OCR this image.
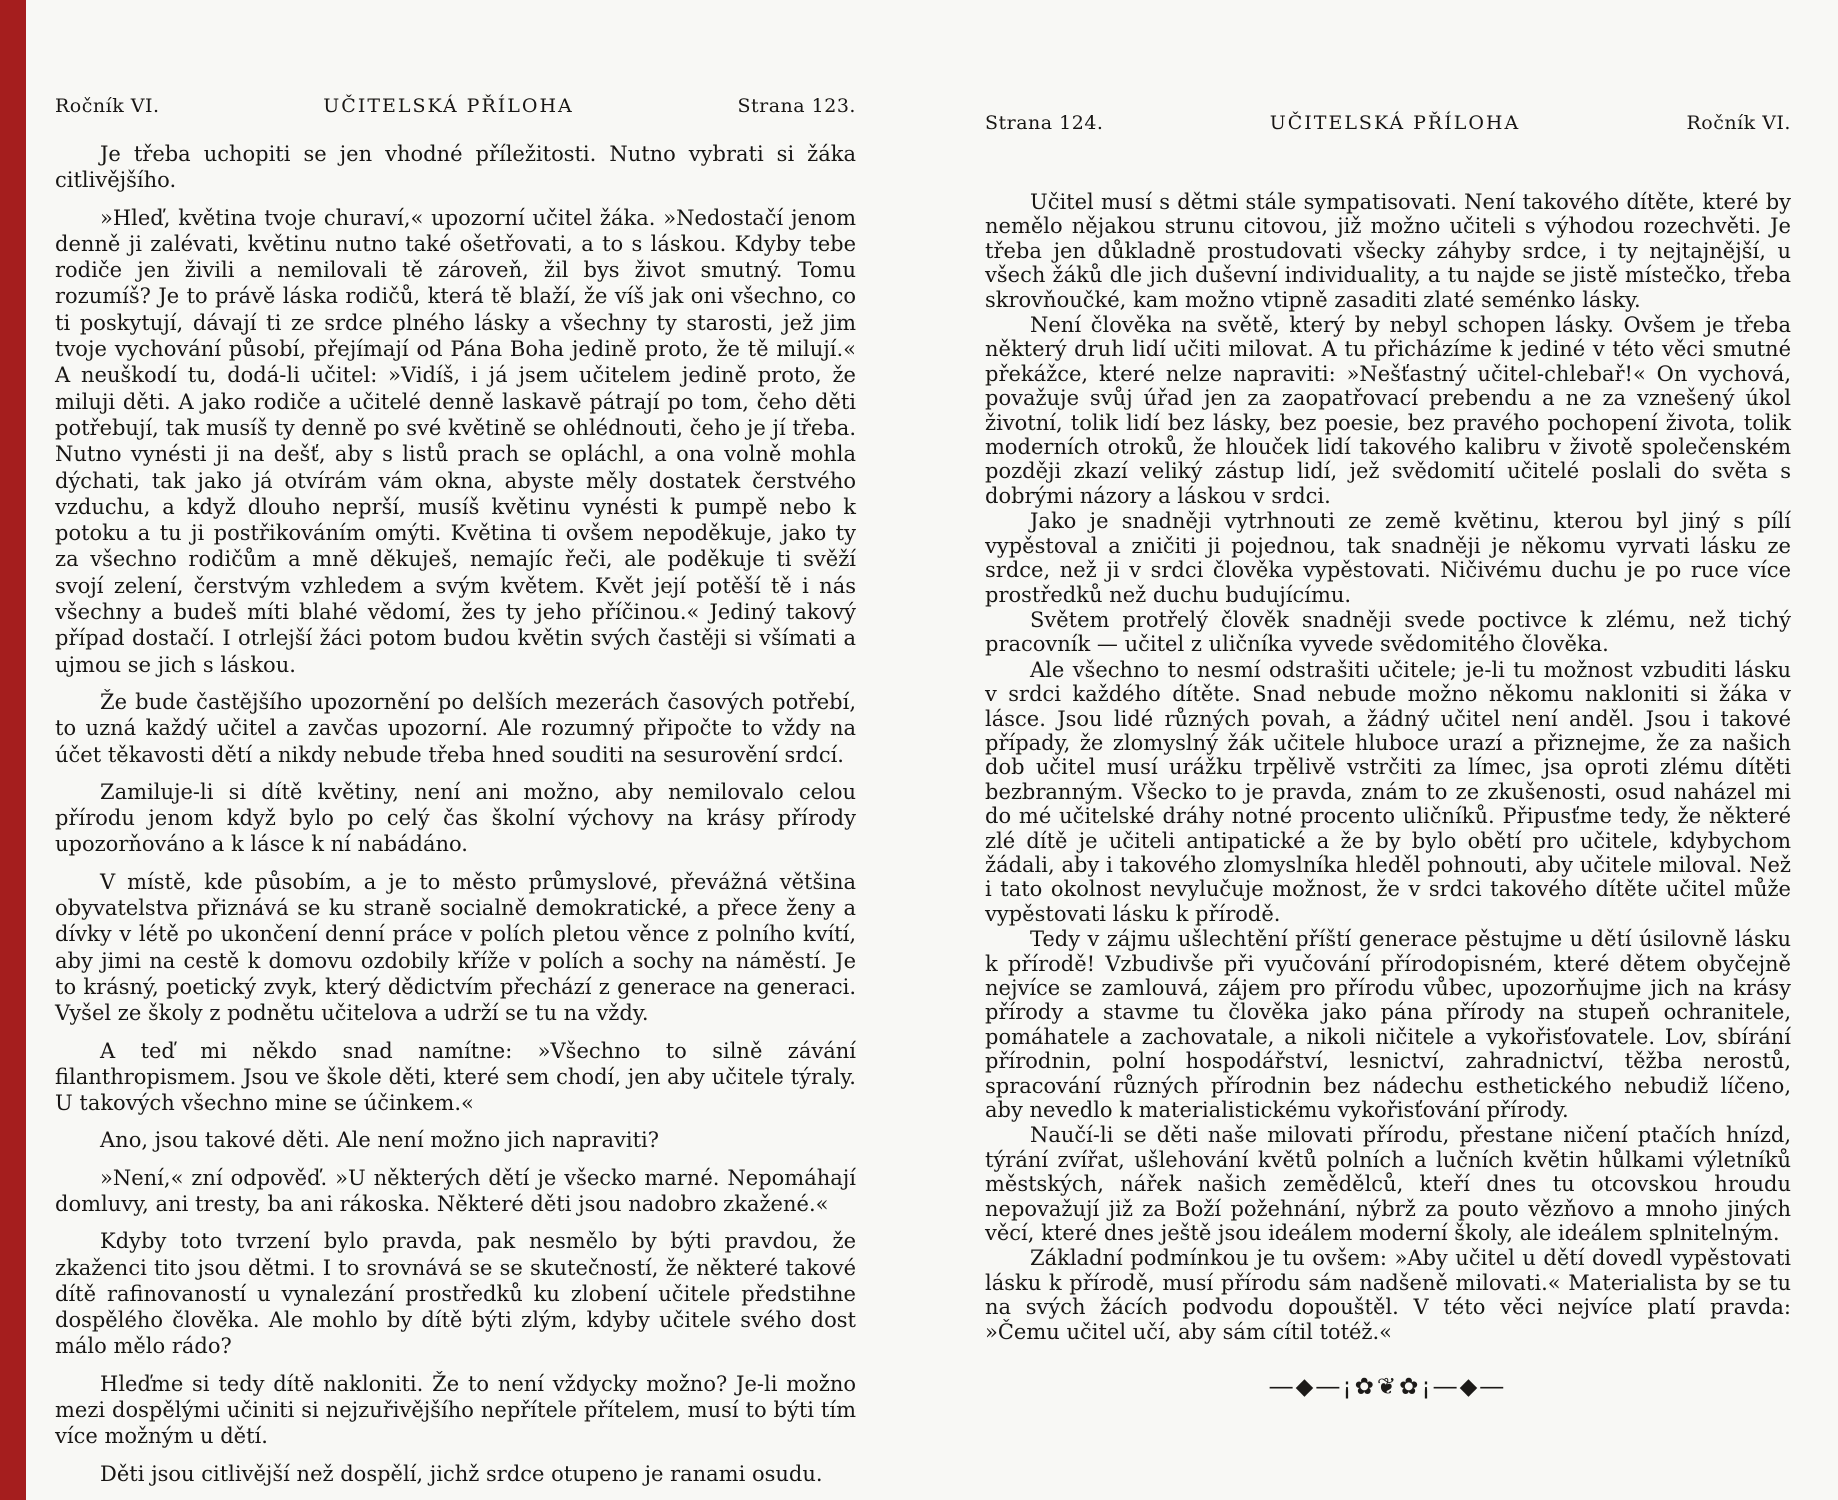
Ročník VI.	UČITELSKÁ PŘÍLOHA	Strana 123.

Je třeba uchopiti se jen vhodné příležitosti. Nutno vybrati si žáka citlivějšího.

»Hleď, květina tvoje churaví,« upozorní učitel žáka. »Nedostačí jenom denně ji zalévati, květinu nutno také ošetřovati, a to s láskou. Kdyby tebe rodiče jen živili a nemilovali tě zároveň, žil bys život smutný. Tomu rozumíš? Je to právě láska rodičů, která tě blaží, že víš jak oni všechno, co ti poskytují, dávají ti ze srdce plného lásky a všechny ty starosti, jež jim tvoje vychování působí, přejímají od Pána Boha jedině proto, že tě milují.« A neuškodí tu, dodá-li učitel: »Vidíš, i já jsem učitelem jedině proto, že miluji děti. A jako rodiče a učitelé denně laskavě pátrají po tom, čeho děti potřebují, tak musíš ty denně po své květině se ohlédnouti, čeho je jí třeba. Nutno vynésti ji na dešť, aby s listů prach se opláchl, a ona volně mohla dýchati, tak jako já otvírám vám okna, abyste měly dostatek čerstvého vzduchu, a když dlouho neprší, musíš květinu vynésti k pumpě nebo k potoku a tu ji postřikováním omýti. Květina ti ovšem nepoděkuje, jako ty za všechno rodičům a mně děkuješ, nemajíc řeči, ale poděkuje ti svěží svojí zelení, čerstvým vzhledem a svým květem. Květ její potěší tě i nás všechny a budeš míti blahé vědomí, žes ty jeho příčinou.« Jediný takový případ dostačí. I otrlejší žáci potom budou květin svých častěji si všímati a ujmou se jich s láskou.

Že bude častějšího upozornění po delších mezerách časových potřebí, to uzná každý učitel a zavčas upozorní. Ale rozumný připočte to vždy na účet těkavosti dětí a nikdy nebude třeba hned souditi na sesurovění srdcí.

Zamiluje-li si dítě květiny, není ani možno, aby nemilovalo celou přírodu jenom když bylo po celý čas školní výchovy na krásy přírody upozorňováno a k lásce k ní nabádáno.

V místě, kde působím, a je to město průmyslové, převážná většina obyvatelstva přiznává se ku straně socialně demokratické, a přece ženy a dívky v létě po ukončení denní práce v polích pletou věnce z polního kvítí, aby jimi na cestě k domovu ozdobily kříže v polích a sochy na náměstí. Je to krásný, poetický zvyk, který dědictvím přechází z generace na generaci. Vyšel ze školy z podnětu učitelova a udrží se tu na vždy.

A teď mi někdo snad namítne: »Všechno to silně závání filanthropismem. Jsou ve škole děti, které sem chodí, jen aby učitele týraly. U takových všechno mine se účinkem.«

Ano, jsou takové děti. Ale není možno jich napraviti?

»Není,« zní odpověď. »U některých dětí je všecko marné. Nepomáhají domluvy, ani tresty, ba ani rákoska. Některé děti jsou nadobro zkažené.«

Kdyby toto tvrzení bylo pravda, pak nesmělo by býti pravdou, že zkaženci tito jsou dětmi. I to srovnává se se skutečností, že některé takové dítě rafinovaností u vynalezání prostředků ku zlobení učitele předstihne dospělého člověka. Ale mohlo by dítě býti zlým, kdyby učitele svého dost málo mělo rádo?

Hleďme si tedy dítě nakloniti. Že to není vždycky možno? Je-li možno mezi dospělými učiniti si nejzuřivějšího nepřítele přítelem, musí to býti tím více možným u dětí.

Děti jsou citlivější než dospělí, jichž srdce otupeno je ranami osudu.

Strana 124.	UČITELSKÁ PŘÍLOHA	Ročník VI.

Učitel musí s dětmi stále sympatisovati. Není takového dítěte, které by nemělo nějakou strunu citovou, již možno učiteli s výhodou rozechvěti. Je třeba jen důkladně prostudovati všecky záhyby srdce, i ty nejtajnější, u všech žáků dle jich duševní individuality, a tu najde se jistě místečko, třeba skrovňoučké, kam možno vtipně zasaditi zlaté seménko lásky.

Není člověka na světě, který by nebyl schopen lásky. Ovšem je třeba některý druh lidí učiti milovat. A tu přicházíme k jediné v této věci smutné překážce, které nelze napraviti: »Nešťastný učitel-chlebař!« On vychová, považuje svůj úřad jen za zaopatřovací prebendu a ne za vznešený úkol životní, tolik lidí bez lásky, bez poesie, bez pravého pochopení života, tolik moderních otroků, že hlouček lidí takového kalibru v životě společenském později zkazí veliký zástup lidí, jež svědomití učitelé poslali do světa s dobrými názory a láskou v srdci.

Jako je snadněji vytrhnouti ze země květinu, kterou byl jiný s pílí vypěstoval a zničiti ji pojednou, tak snadněji je někomu vyrvati lásku ze srdce, než ji v srdci člověka vypěstovati. Ničivému duchu je po ruce více prostředků než duchu budujícímu.

Světem protřelý člověk snadněji svede poctivce k zlému, než tichý pracovník — učitel z uličníka vyvede svědomitého člověka.

Ale všechno to nesmí odstrašiti učitele; je-li tu možnost vzbuditi lásku v srdci každého dítěte. Snad nebude možno někomu nakloniti si žáka v lásce. Jsou lidé různých povah, a žádný učitel není anděl. Jsou i takové případy, že zlomyslný žák učitele hluboce urazí a přiznejme, že za našich dob učitel musí urážku trpělivě vstrčiti za límec, jsa oproti zlému dítěti bezbranným. Všecko to je pravda, znám to ze zkušenosti, osud naházel mi do mé učitelské dráhy notné procento uličníků. Připusťme tedy, že některé zlé dítě je učiteli antipatické a že by bylo obětí pro učitele, kdybychom žádali, aby i takového zlomyslníka hleděl pohnouti, aby učitele miloval. Než i tato okolnost nevylučuje možnost, že v srdci takového dítěte učitel může vypěstovati lásku k přírodě.

Tedy v zájmu ušlechtění příští generace pěstujme u dětí úsilovně lásku k přírodě! Vzbudivše při vyučování přírodopisném, které dětem obyčejně nejvíce se zamlouvá, zájem pro přírodu vůbec, upozorňujme jich na krásy přírody a stavme tu člověka jako pána přírody na stupeň ochranitele, pomáhatele a zachovatale, a nikoli ničitele a vykořisťovatele. Lov, sbírání přírodnin, polní hospodářství, lesnictví, zahradnictví, těžba nerostů, spracování různých přírodnin bez nádechu esthetického nebudiž líčeno, aby nevedlo k materialistickému vykořisťování přírody.

Naučí-li se děti naše milovati přírodu, přestane ničení ptačích hnízd, týrání zvířat, ušlehování květů polních a lučních květin hůlkami výletníků městských, nářek našich zemědělců, kteří dnes tu otcovskou hroudu nepovažují již za Boží požehnání, nýbrž za pouto vězňovo a mnoho jiných věcí, které dnes ještě jsou ideálem moderní školy, ale ideálem splnitelným.

Základní podmínkou je tu ovšem: »Aby učitel u dětí dovedl vypěstovati lásku k přírodě, musí přírodu sám nadšeně milovati.« Materialista by se tu na svých žácích podvodu dopouštěl. V této věci nejvíce platí pravda: »Čemu učitel učí, aby sám cítil totéž.«

―◆―¡✿❦✿¡―◆―
